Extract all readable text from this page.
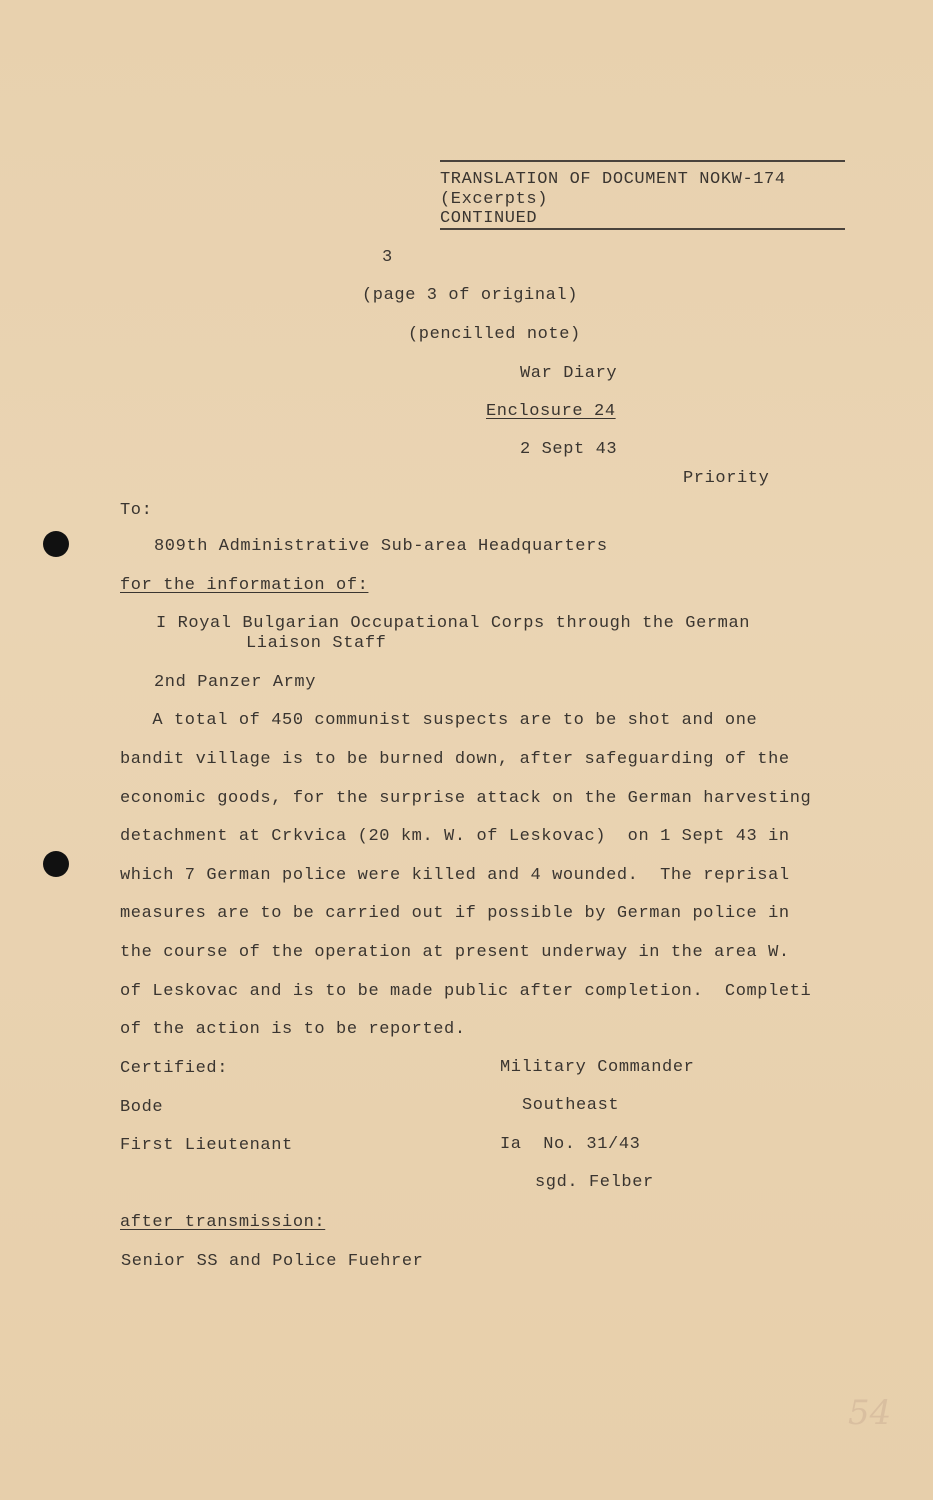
TRANSLATION OF DOCUMENT NOKW-174
(Excerpts)
CONTINUED
3
(page 3 of original)
(pencilled note)
War Diary
Enclosure 24
2 Sept 43
Priority
To:
809th Administrative Sub-area Headquarters
for the information of:
I Royal Bulgarian Occupational Corps through the German
Liaison Staff
2nd Panzer Army
A total of 450 communist suspects are to be shot and one
bandit village is to be burned down, after safeguarding of the
economic goods, for the surprise attack on the German harvesting
detachment at Crkvica (20 km. W. of Leskovac)  on 1 Sept 43 in
which 7 German police were killed and 4 wounded.  The reprisal
measures are to be carried out if possible by German police in
the course of the operation at present underway in the area W.
of Leskovac and is to be made public after completion.  Completi
of the action is to be reported.
Certified:
Bode
First Lieutenant
Military Commander
Southeast
Ia  No. 31/43
sgd. Felber
after transmission:
Senior SS and Police Fuehrer
54
